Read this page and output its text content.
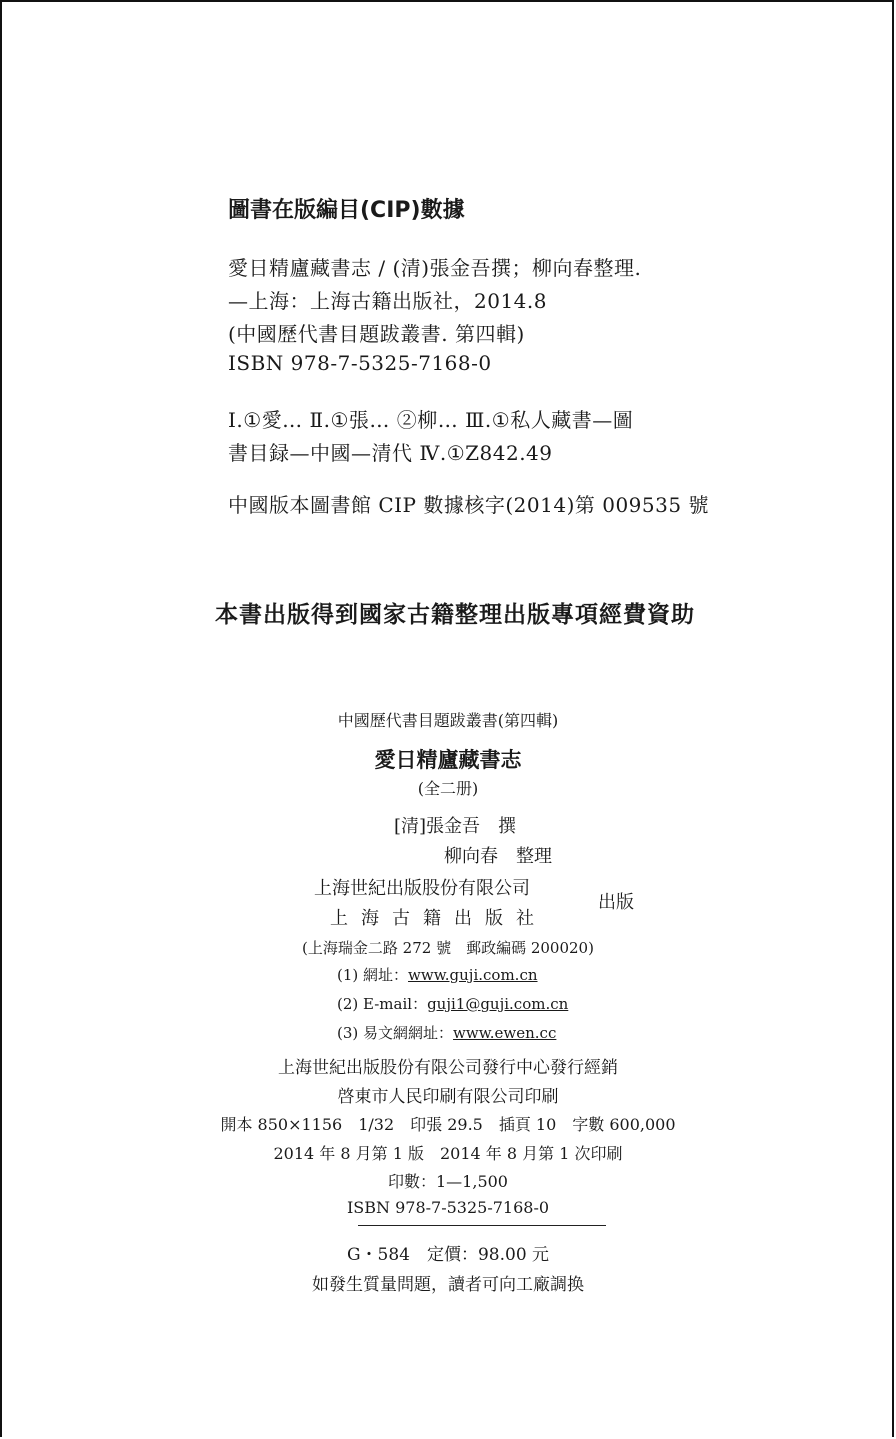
圖書在版編目(CIP)數據
愛日精廬藏書志 / (清)張金吾撰；柳向春整理.
—上海：上海古籍出版社，2014.8
(中國歷代書目題跋叢書. 第四輯)
ISBN 978-7-5325-7168-0
Ⅰ.①愛… Ⅱ.①張… ②柳… Ⅲ.①私人藏書—圖
書目録—中國—清代 Ⅳ.①Z842.49
中國版本圖書館 CIP 數據核字(2014)第 009535 號
本書出版得到國家古籍整理出版專項經費資助
中國歷代書目題跋叢書(第四輯)
愛日精廬藏書志
(全二册)
[清]張金吾　撰
柳向春　整理
上海世紀出版股份有限公司
上海古籍出版社
出版
(上海瑞金二路 272 號　郵政編碼 200020)
(1) 網址：www.guji.com.cn
(2) E-mail：guji1@guji.com.cn
(3) 易文網網址：www.ewen.cc
上海世紀出版股份有限公司發行中心發行經銷
啓東市人民印刷有限公司印刷
開本 850×1156　1/32　印張 29.5　插頁 10　字數 600,000
2014 年 8 月第 1 版　2014 年 8 月第 1 次印刷
印數：1—1,500
ISBN 978-7-5325-7168-0
G・584　定價：98.00 元
如發生質量問題，讀者可向工廠調换
